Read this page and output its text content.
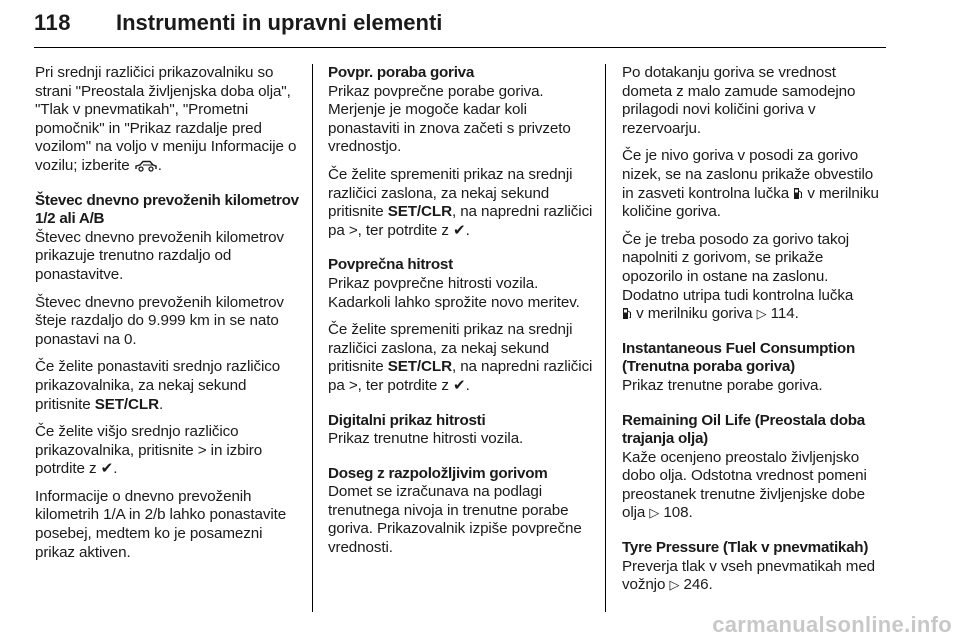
118 Instrumenti in upravni elementi

Pri srednji različici prikazovalniku so strani "Preostala življenjska doba olja", "Tlak v pnevmatikah", "Prometni pomočnik" in "Prikaz razdalje pred vozilom" na voljo v meniju Informacije o vozilu; izberite .

Števec dnevno prevoženih kilometrov 1/2 ali A/B

Števec dnevno prevoženih kilometrov prikazuje trenutno razdaljo od ponastavitve.

Števec dnevno prevoženih kilometrov šteje razdaljo do 9.999 km in se nato ponastavi na 0.

Če želite ponastaviti srednjo različico prikazovalnika, za nekaj sekund pritisnite SET/CLR.

Če želite višjo srednjo različico prikazovalnika, pritisnite > in izbiro potrdite z ✔.

Informacije o dnevno prevoženih kilometrih 1/A in 2/b lahko ponastavite posebej, medtem ko je posamezni prikaz aktiven.

Povpr. poraba goriva

Prikaz povprečne porabe goriva. Merjenje je mogoče kadar koli ponastaviti in znova začeti s privzeto vrednostjo.

Če želite spremeniti prikaz na srednji različici zaslona, za nekaj sekund pritisnite SET/CLR, na napredni različici pa >, ter potrdite z ✔.

Povprečna hitrost

Prikaz povprečne hitrosti vozila. Kadarkoli lahko sprožite novo meritev.

Če želite spremeniti prikaz na srednji različici zaslona, za nekaj sekund pritisnite SET/CLR, na napredni različici pa >, ter potrdite z ✔.

Digitalni prikaz hitrosti

Prikaz trenutne hitrosti vozila.

Doseg z razpoložljivim gorivom

Domet se izračunava na podlagi trenutnega nivoja in trenutne porabe goriva. Prikazovalnik izpiše povprečne vrednosti.

Po dotakanju goriva se vrednost dometa z malo zamude samodejno prilagodi novi količini goriva v rezervoarju.

Če je nivo goriva v posodi za gorivo nizek, se na zaslonu prikaže obvestilo in zasveti kontrolna lučka v merilniku količine goriva.

Če je treba posodo za gorivo takoj napolniti z gorivom, se prikaže opozorilo in ostane na zaslonu. Dodatno utripa tudi kontrolna lučka
v merilniku goriva ▷ 114.

Instantaneous Fuel Consumption (Trenutna poraba goriva)

Prikaz trenutne porabe goriva.

Remaining Oil Life (Preostala doba trajanja olja)

Kaže ocenjeno preostalo življenjsko dobo olja. Odstotna vrednost pomeni preostanek trenutne življenjske dobe olja ▷ 108.

Tyre Pressure (Tlak v pnevmatikah)

Preverja tlak v vseh pnevmatikah med vožnjo ▷ 246.

carmanualsonline.info
